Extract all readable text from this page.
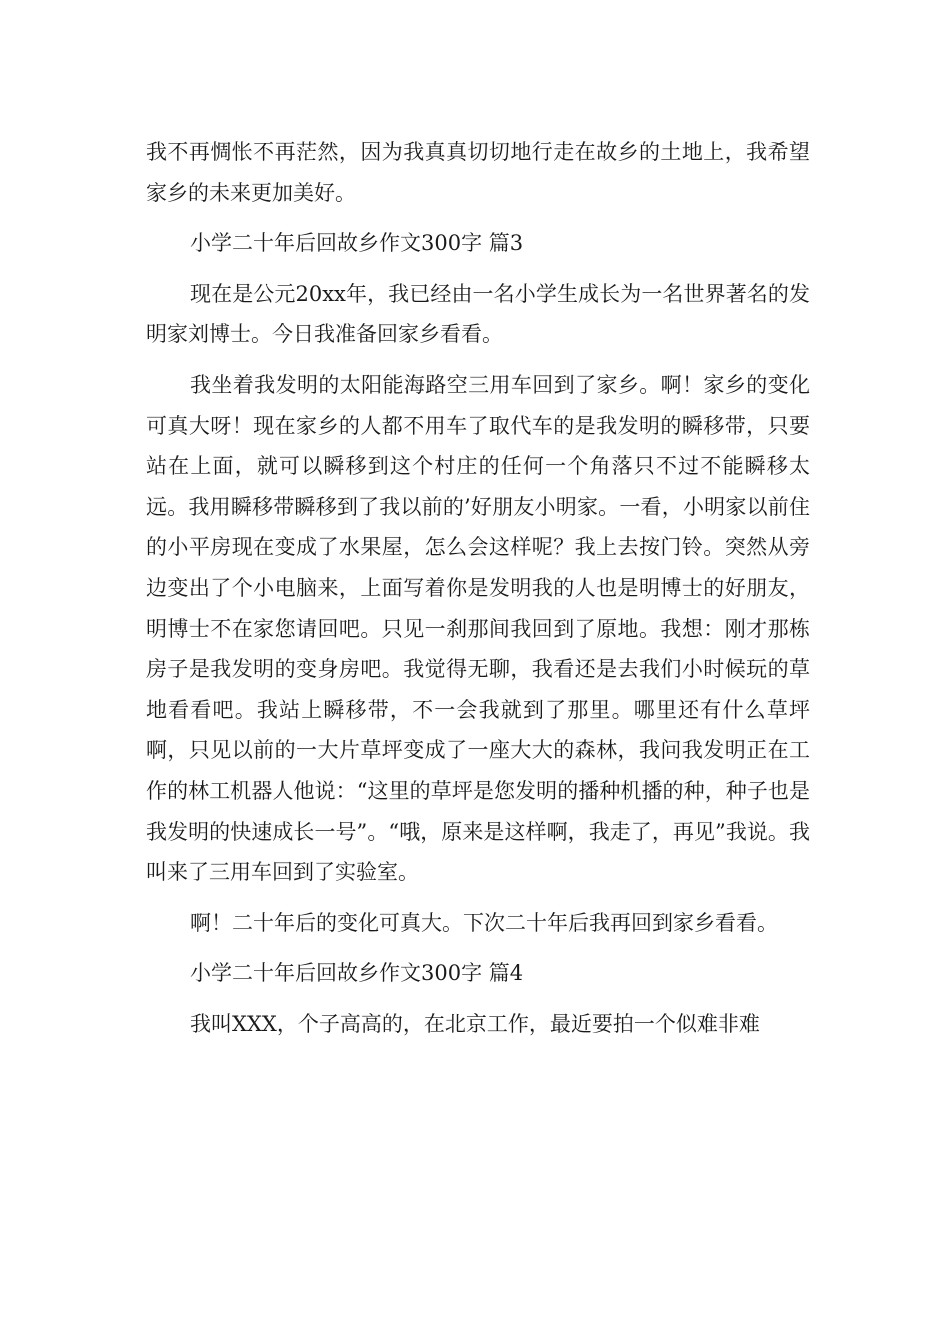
我不再惆怅不再茫然，因为我真真切切地行走在故乡的土地上，我希望家乡的未来更加美好。

小学二十年后回故乡作文300字 篇3

现在是公元20xx年，我已经由一名小学生成长为一名世界著名的发明家刘博士。今日我准备回家乡看看。

我坐着我发明的太阳能海路空三用车回到了家乡。啊！家乡的变化可真大呀！现在家乡的人都不用车了取代车的是我发明的瞬移带，只要站在上面，就可以瞬移到这个村庄的任何一个角落只不过不能瞬移太远。我用瞬移带瞬移到了我以前的’好朋友小明家。一看，小明家以前住的小平房现在变成了水果屋，怎么会这样呢？我上去按门铃。突然从旁边变出了个小电脑来，上面写着你是发明我的人也是明博士的好朋友，明博士不在家您请回吧。只见一刹那间我回到了原地。我想：刚才那栋房子是我发明的变身房吧。我觉得无聊，我看还是去我们小时候玩的草地看看吧。我站上瞬移带，不一会我就到了那里。哪里还有什么草坪啊，只见以前的一大片草坪变成了一座大大的森林，我问我发明正在工作的林工机器人他说：“这里的草坪是您发明的播种机播的种，种子也是我发明的快速成长一号”。“哦，原来是这样啊，我走了，再见”我说。我叫来了三用车回到了实验室。

啊！二十年后的变化可真大。下次二十年后我再回到家乡看看。

小学二十年后回故乡作文300字 篇4

我叫XXX，个子高高的，在北京工作，最近要拍一个似难非难
